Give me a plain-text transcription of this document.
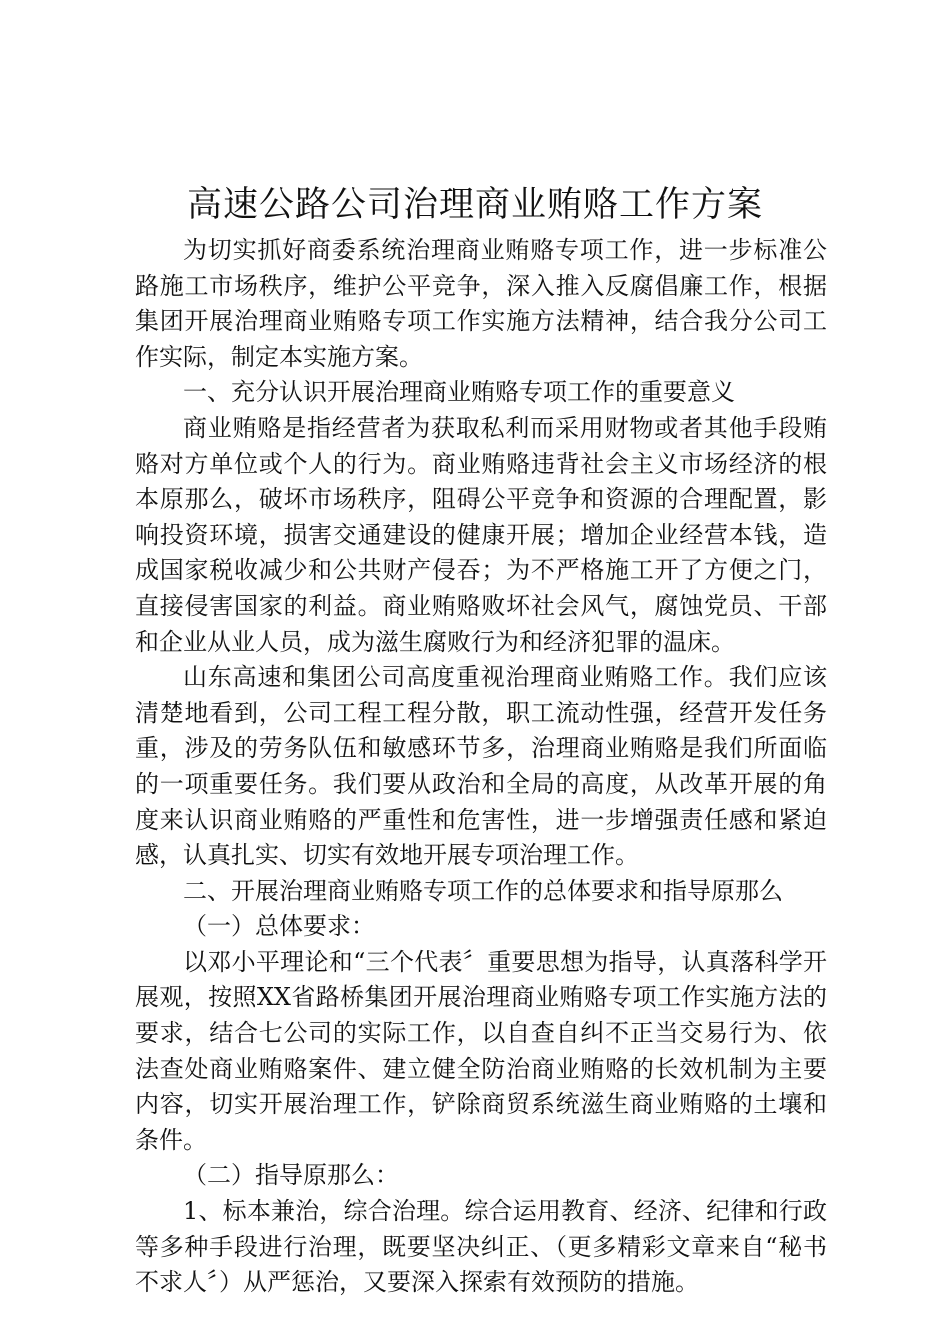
高速公路公司治理商业贿赂工作方案

为切实抓好商委系统治理商业贿赂专项工作，进一步标准公路施工市场秩序，维护公平竞争，深入推入反腐倡廉工作，根据集团开展治理商业贿赂专项工作实施方法精神，结合我分公司工作实际，制定本实施方案。

一、充分认识开展治理商业贿赂专项工作的重要意义

商业贿赂是指经营者为获取私利而采用财物或者其他手段贿赂对方单位或个人的行为。商业贿赂违背社会主义市场经济的根本原那么，破坏市场秩序，阻碍公平竞争和资源的合理配置，影响投资环境，损害交通建设的健康开展；增加企业经营本钱，造成国家税收减少和公共财产侵吞；为不严格施工开了方便之门，直接侵害国家的利益。商业贿赂败坏社会风气，腐蚀党员、干部和企业从业人员，成为滋生腐败行为和经济犯罪的温床。

山东高速和集团公司高度重视治理商业贿赂工作。我们应该清楚地看到，公司工程工程分散，职工流动性强，经营开发任务重，涉及的劳务队伍和敏感环节多，治理商业贿赂是我们所面临的一项重要任务。我们要从政治和全局的高度，从改革开展的角度来认识商业贿赂的严重性和危害性，进一步增强责任感和紧迫感，认真扎实、切实有效地开展专项治理工作。

二、开展治理商业贿赂专项工作的总体要求和指导原那么

（一）总体要求：

以邓小平理论和“三个代表〞重要思想为指导，认真落科学开展观，按照XX省路桥集团开展治理商业贿赂专项工作实施方法的要求，结合七公司的实际工作，以自查自纠不正当交易行为、依法查处商业贿赂案件、建立健全防治商业贿赂的长效机制为主要内容，切实开展治理工作，铲除商贸系统滋生商业贿赂的土壤和条件。

（二）指导原那么：

1、标本兼治，综合治理。综合运用教育、经济、纪律和行政等多种手段进行治理，既要坚决纠正、（更多精彩文章来自“秘书不求人〞）从严惩治，又要深入探索有效预防的措施。
